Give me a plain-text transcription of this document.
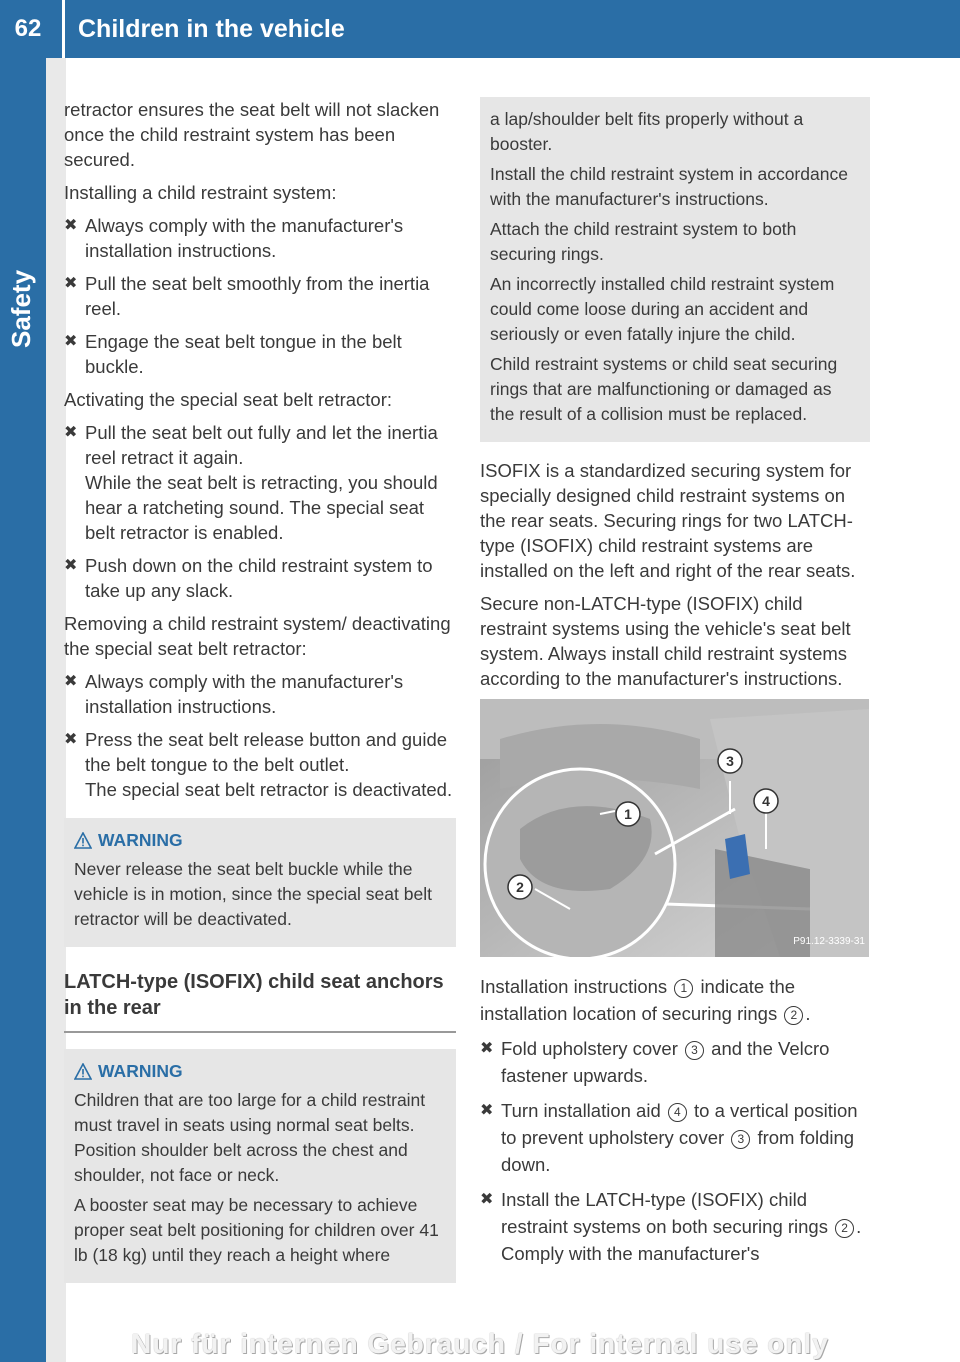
62	Children in the vehicle
Safety

retractor ensures the seat belt will not slacken once the child restraint system has been secured.

Installing a child restraint system:

✖ Always comply with the manufacturer's installation instructions.
✖ Pull the seat belt smoothly from the inertia reel.
✖ Engage the seat belt tongue in the belt buckle.

Activating the special seat belt retractor:

✖ Pull the seat belt out fully and let the inertia reel retract it again.
While the seat belt is retracting, you should hear a ratcheting sound. The special seat belt retractor is enabled.
✖ Push down on the child restraint system to take up any slack.

Removing a child restraint system/ deactivating the special seat belt retractor:

✖ Always comply with the manufacturer's installation instructions.
✖ Press the seat belt release button and guide the belt tongue to the belt outlet.
The special seat belt retractor is deactivated.
WARNING

Never release the seat belt buckle while the vehicle is in motion, since the special seat belt retractor will be deactivated.

LATCH-type (ISOFIX) child seat anchors in the rear
WARNING

Children that are too large for a child restraint must travel in seats using normal seat belts. Position shoulder belt across the chest and shoulder, not face or neck.

A booster seat may be necessary to achieve proper seat belt positioning for children over 41 lb (18 kg) until they reach a height where

a lap/shoulder belt fits properly without a booster.

Install the child restraint system in accordance with the manufacturer's instructions.

Attach the child restraint system to both securing rings.

An incorrectly installed child restraint system could come loose during an accident and seriously or even fatally injure the child.

Child restraint systems or child seat securing rings that are malfunctioning or damaged as the result of a collision must be replaced.

ISOFIX is a standardized securing system for specially designed child restraint systems on the rear seats. Securing rings for two LATCH-type (ISOFIX) child restraint systems are installed on the left and right of the rear seats.

Secure non-LATCH-type (ISOFIX) child restraint systems using the vehicle's seat belt system. Always install child restraint systems according to the manufacturer's instructions.

1
2
3
4
P91.12-3339-31

Installation instructions 1 indicate the installation location of securing rings 2 .

✖ Fold upholstery cover 3 and the Velcro fastener upwards.
✖ Turn installation aid 4 to a vertical position to prevent upholstery cover 3 from folding down.
✖ Install the LATCH-type (ISOFIX) child restraint systems on both securing rings 2 . Comply with the manufacturer's
Nur für internen Gebrauch / For internal use only
